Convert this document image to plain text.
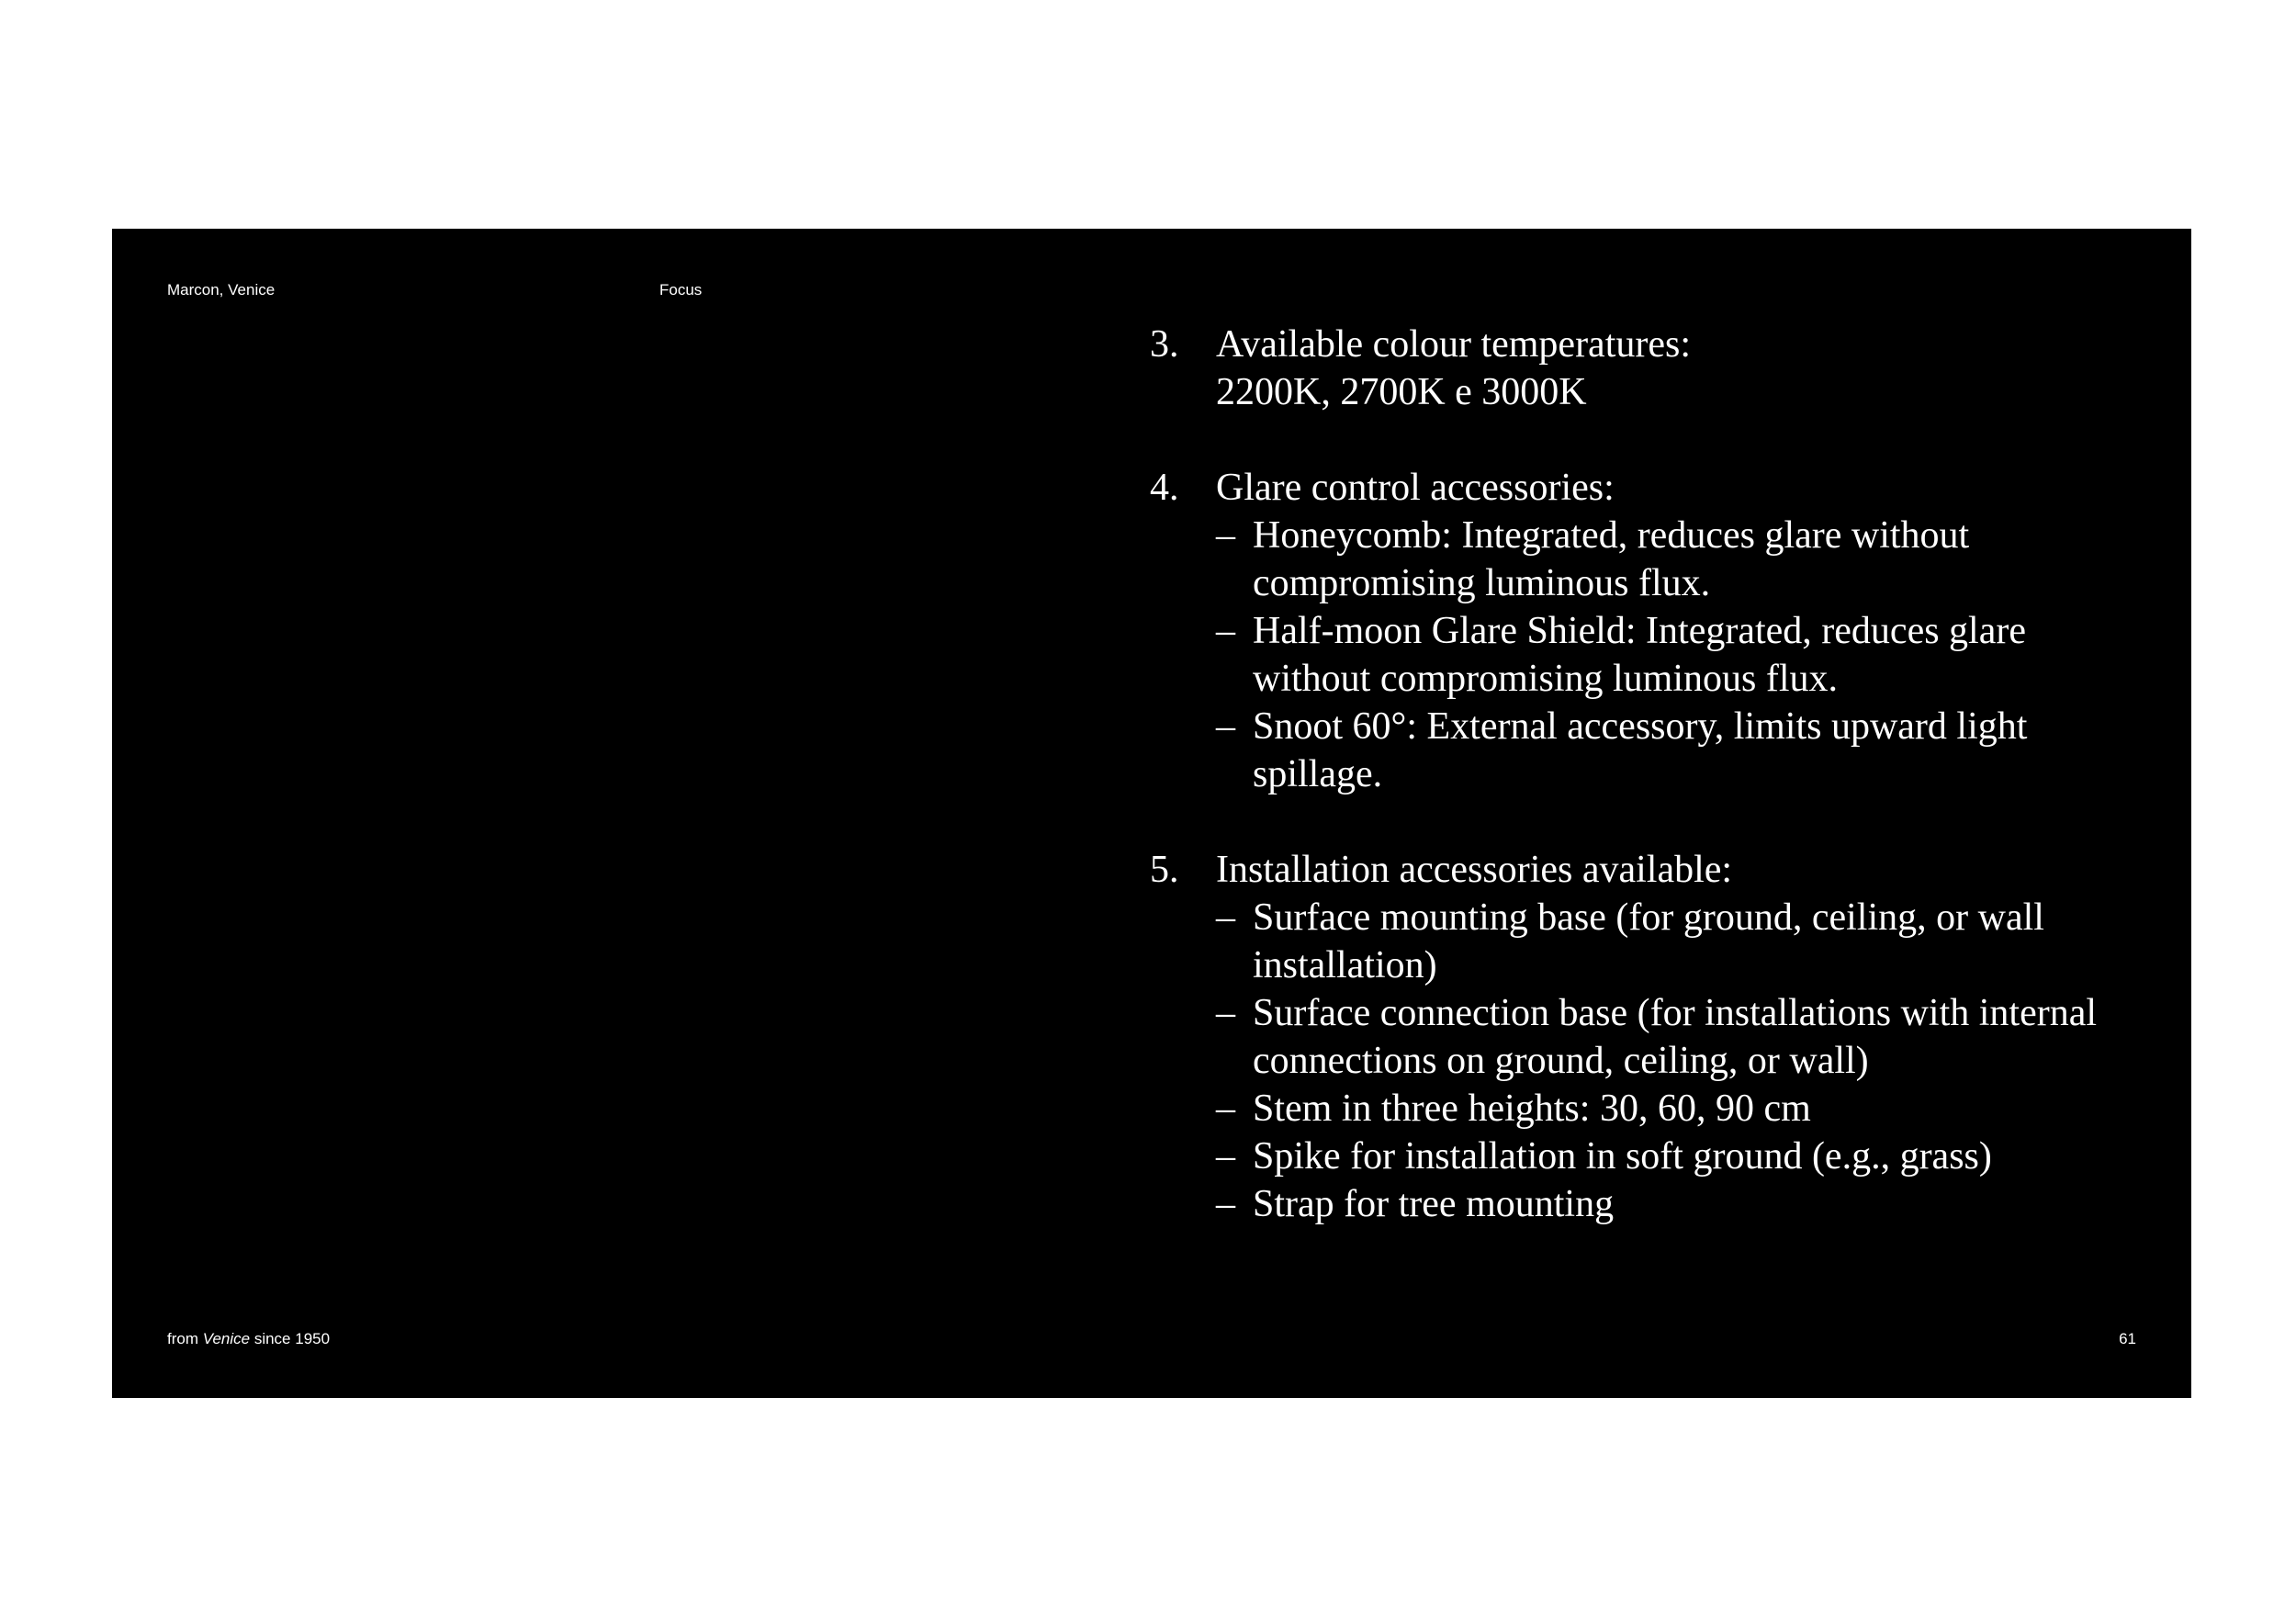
Marcon, Venice	Focus
3. Available colour temperatures:
2200K, 2700K e 3000K
4. Glare control accessories:
– Honeycomb: Integrated, reduces glare without compromising luminous flux.
– Half-moon Glare Shield: Integrated, reduces glare without compromising luminous flux.
– Snoot 60°: External accessory, limits upward light spillage.
5. Installation accessories available:
– Surface mounting base (for ground, ceiling, or wall installation)
– Surface connection base (for installations with internal connections on ground, ceiling, or wall)
– Stem in three heights: 30, 60, 90 cm
– Spike for installation in soft ground (e.g., grass)
– Strap for tree mounting
from Venice since 1950	61
